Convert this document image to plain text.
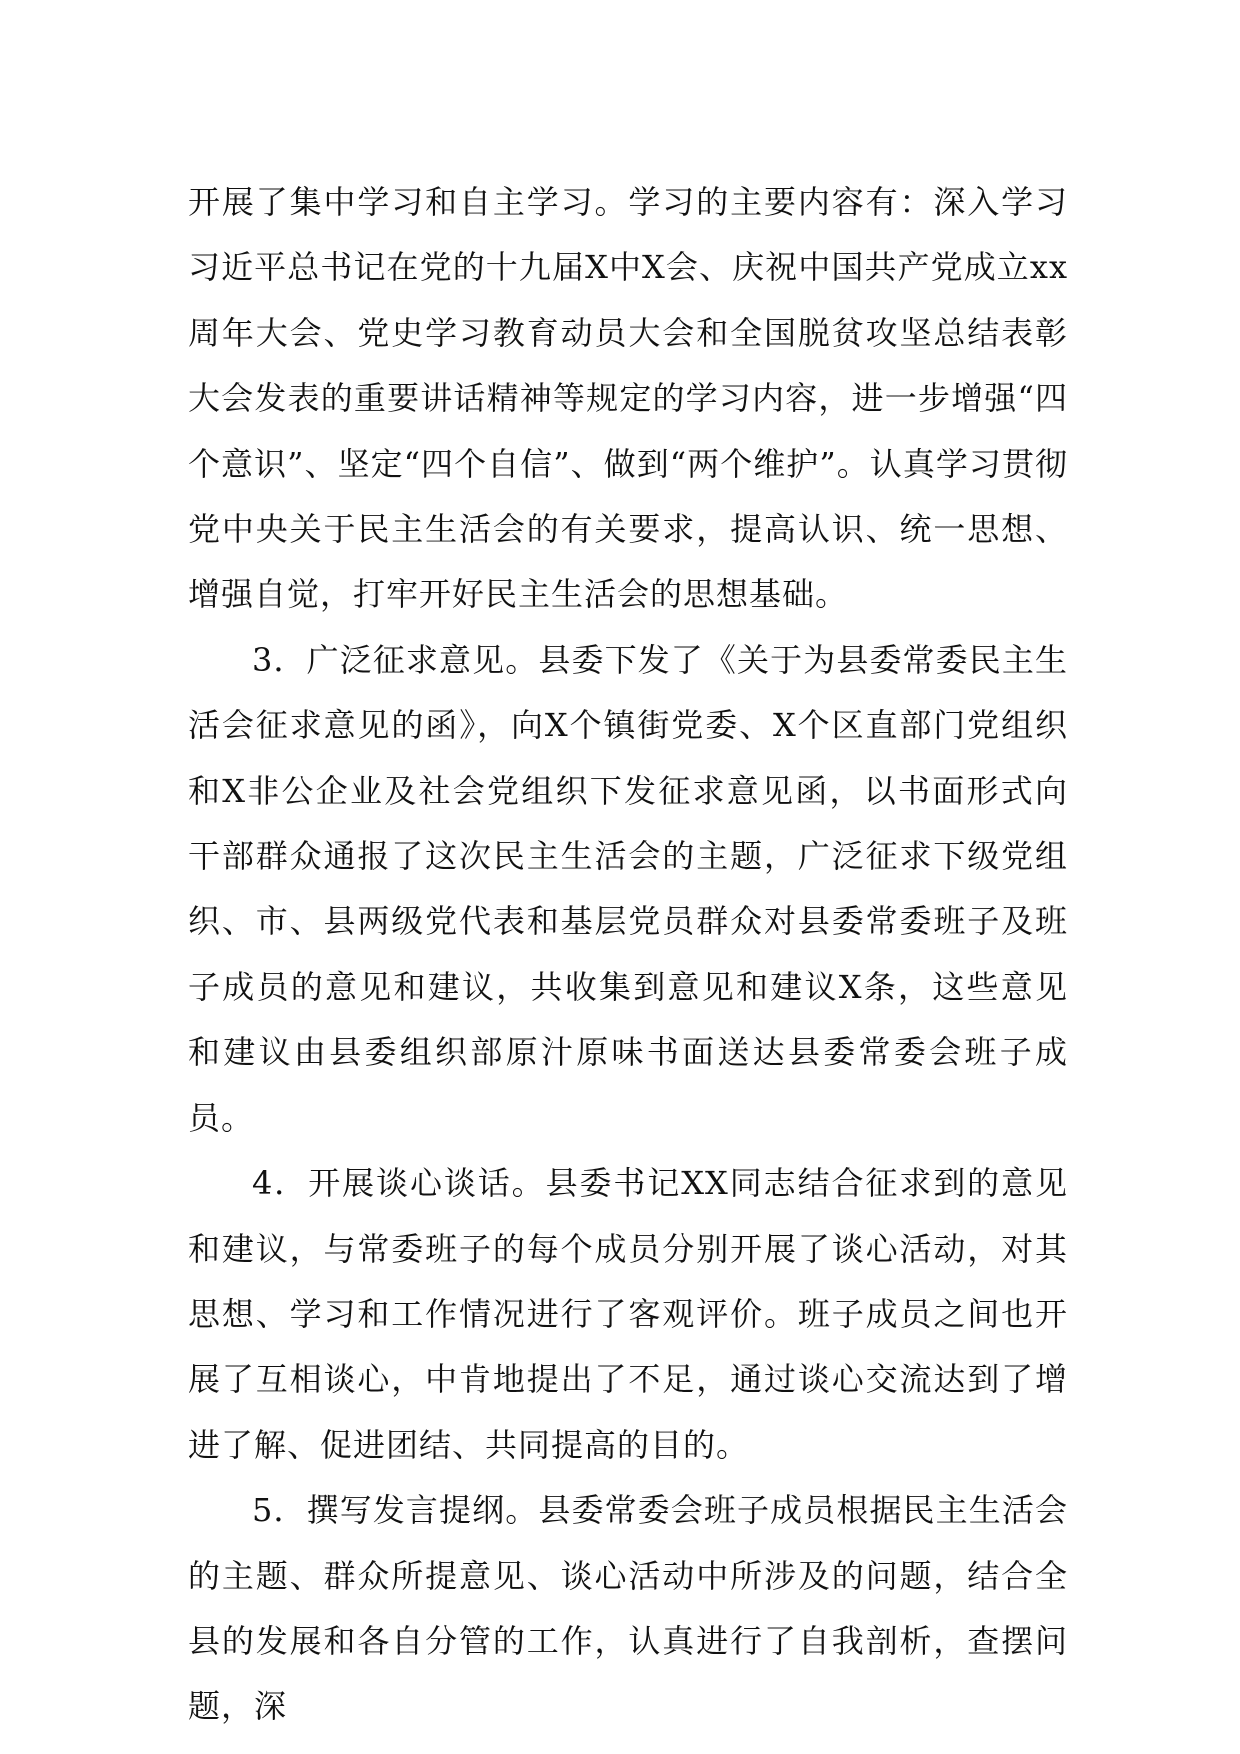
开展了集中学习和自主学习。学习的主要内容有：深入学习习近平总书记在党的十九届X中X会、庆祝中国共产党成立xx周年大会、党史学习教育动员大会和全国脱贫攻坚总结表彰大会发表的重要讲话精神等规定的学习内容，进一步增强“四个意识”、坚定“四个自信”、做到“两个维护”。认真学习贯彻党中央关于民主生活会的有关要求，提高认识、统一思想、增强自觉，打牢开好民主生活会的思想基础。

3．广泛征求意见。县委下发了《关于为县委常委民主生活会征求意见的函》，向X个镇街党委、X个区直部门党组织和X非公企业及社会党组织下发征求意见函，以书面形式向干部群众通报了这次民主生活会的主题，广泛征求下级党组织、市、县两级党代表和基层党员群众对县委常委班子及班子成员的意见和建议，共收集到意见和建议X条，这些意见和建议由县委组织部原汁原味书面送达县委常委会班子成员。

4．开展谈心谈话。县委书记XX同志结合征求到的意见和建议，与常委班子的每个成员分别开展了谈心活动，对其思想、学习和工作情况进行了客观评价。班子成员之间也开展了互相谈心，中肯地提出了不足，通过谈心交流达到了增进了解、促进团结、共同提高的目的。

5．撰写发言提纲。县委常委会班子成员根据民主生活会的主题、群众所提意见、谈心活动中所涉及的问题，结合全县的发展和各自分管的工作，认真进行了自我剖析，查摆问题，深
